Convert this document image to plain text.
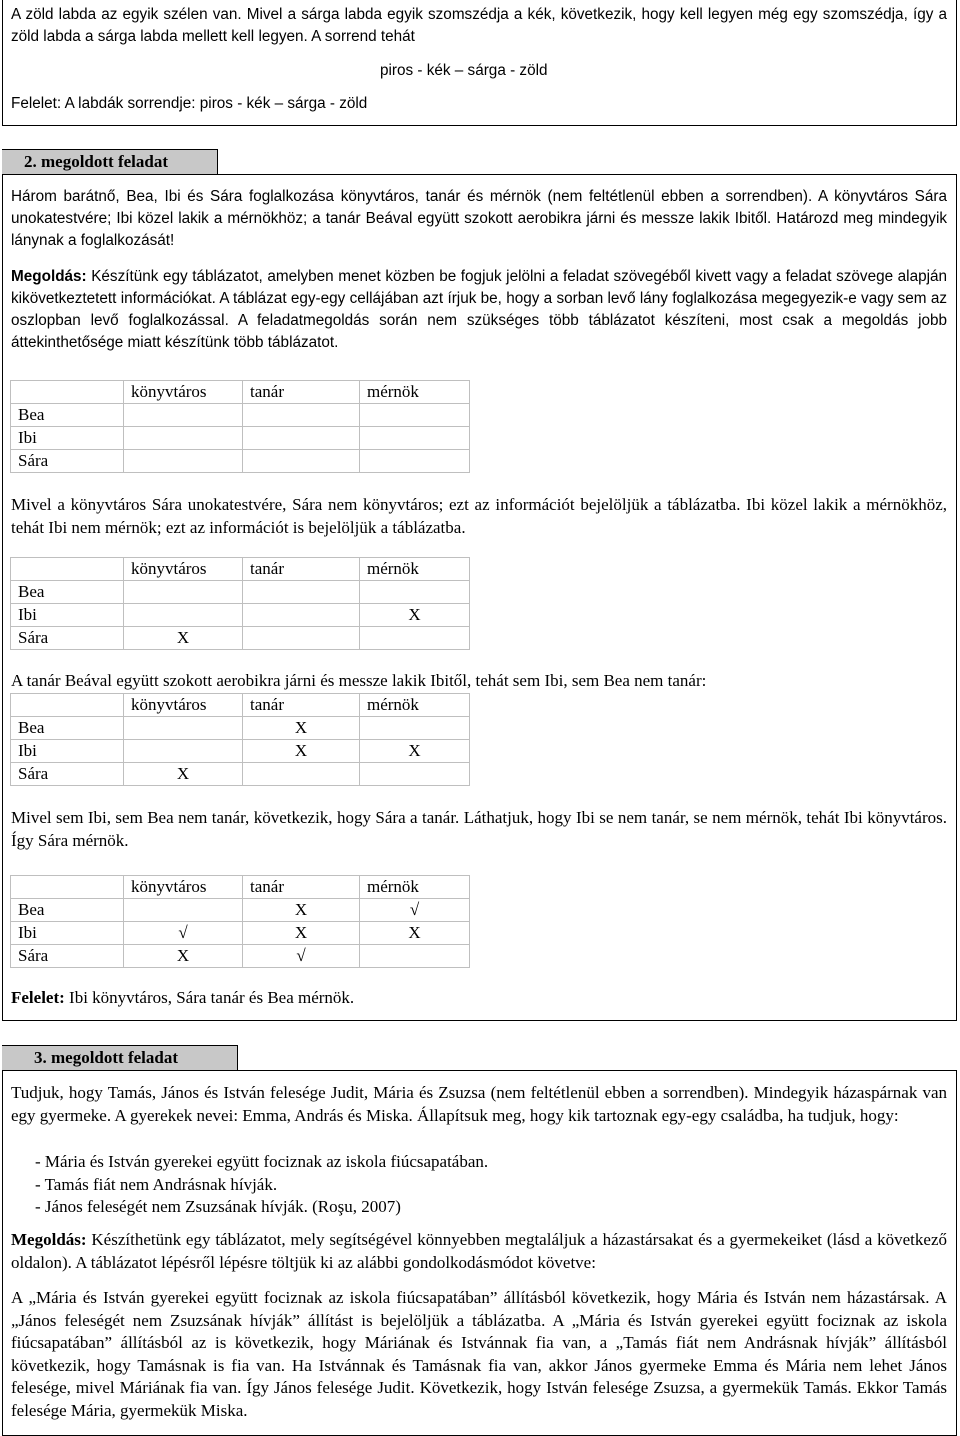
A zöld labda az egyik szélen van. Mivel a sárga labda egyik szomszédja a kék, következik, hogy kell legyen még egy szomszédja, így a zöld labda a sárga labda mellett kell legyen. A sorrend tehát

piros - kék – sárga - zöld
Felelet: A labdák sorrendje: piros - kék – sárga - zöld
2. megoldott feladat

Három barátnő, Bea, Ibi és Sára foglalkozása könyvtáros, tanár és mérnök (nem feltétlenül ebben a sorrendben). A könyvtáros Sára unokatestvére; Ibi közel lakik a mérnökhöz; a tanár Beával együtt szokott aerobikra járni és messze lakik Ibitől. Határozd meg mindegyik lánynak a foglalkozását!

Megoldás: Készítünk egy táblázatot, amelyben menet közben be fogjuk jelölni a feladat szövegéből kivett vagy a feladat szövege alapján kikövetkeztetett információkat. A táblázat egy-egy cellájában azt írjuk be, hogy a sorban levő lány foglalkozása megegyezik-e vagy sem az oszlopban levő foglalkozással. A feladatmegoldás során nem szükséges több táblázatot készíteni, most csak a megoldás jobb áttekinthetősége miatt készítünk több táblázatot.

	könyvtáros	tanár	mérnök
Bea			
Ibi			
Sára			

Mivel a könyvtáros Sára unokatestvére, Sára nem könyvtáros; ezt az információt bejelöljük a táblázatba. Ibi közel lakik a mérnökhöz, tehát Ibi nem mérnök; ezt az információt is bejelöljük a táblázatba.

	könyvtáros	tanár	mérnök
Bea			
Ibi			X
Sára	X		

A tanár Beával együtt szokott aerobikra járni és messze lakik Ibitől, tehát sem Ibi, sem Bea nem tanár:

	könyvtáros	tanár	mérnök
Bea		X	
Ibi		X	X
Sára	X		

Mivel sem Ibi, sem Bea nem tanár, következik, hogy Sára a tanár. Láthatjuk, hogy Ibi se nem tanár, se nem mérnök, tehát Ibi könyvtáros. Így Sára mérnök.

	könyvtáros	tanár	mérnök
Bea		X	√
Ibi	√	X	X
Sára	X	√	
Felelet: Ibi könyvtáros, Sára tanár és Bea mérnök.
3. megoldott feladat

Tudjuk, hogy Tamás, János és István felesége Judit, Mária és Zsuzsa (nem feltétlenül ebben a sorrendben). Mindegyik házaspárnak van egy gyermeke. A gyerekek nevei: Emma, András és Miska. Állapítsuk meg, hogy kik tartoznak egy-egy családba, ha tudjuk, hogy:

- Mária és István gyerekei együtt fociznak az iskola fiúcsapatában.
- Tamás fiát nem Andrásnak hívják.
- János feleségét nem Zsuzsának hívják. (Roşu, 2007)

Megoldás: Készíthetünk egy táblázatot, mely segítségével könnyebben megtaláljuk a házastársakat és a gyermekeiket (lásd a következő oldalon). A táblázatot lépésről lépésre töltjük ki az alábbi gondolkodásmódot követve:

A „Mária és István gyerekei együtt fociznak az iskola fiúcsapatában” állításból következik, hogy Mária és István nem házastársak. A „János feleségét nem Zsuzsának hívják” állítást is bejelöljük a táblázatba. A „Mária és István gyerekei együtt fociznak az iskola fiúcsapatában” állításból az is következik, hogy Máriának és Istvánnak fia van, a „Tamás fiát nem Andrásnak hívják” állításból következik, hogy Tamásnak is fia van. Ha Istvánnak és Tamásnak fia van, akkor János gyermeke Emma és Mária nem lehet János felesége, mivel Máriának fia van. Így János felesége Judit. Következik, hogy István felesége Zsuzsa, a gyermekük Tamás. Ekkor Tamás felesége Mária, gyermekük Miska.
